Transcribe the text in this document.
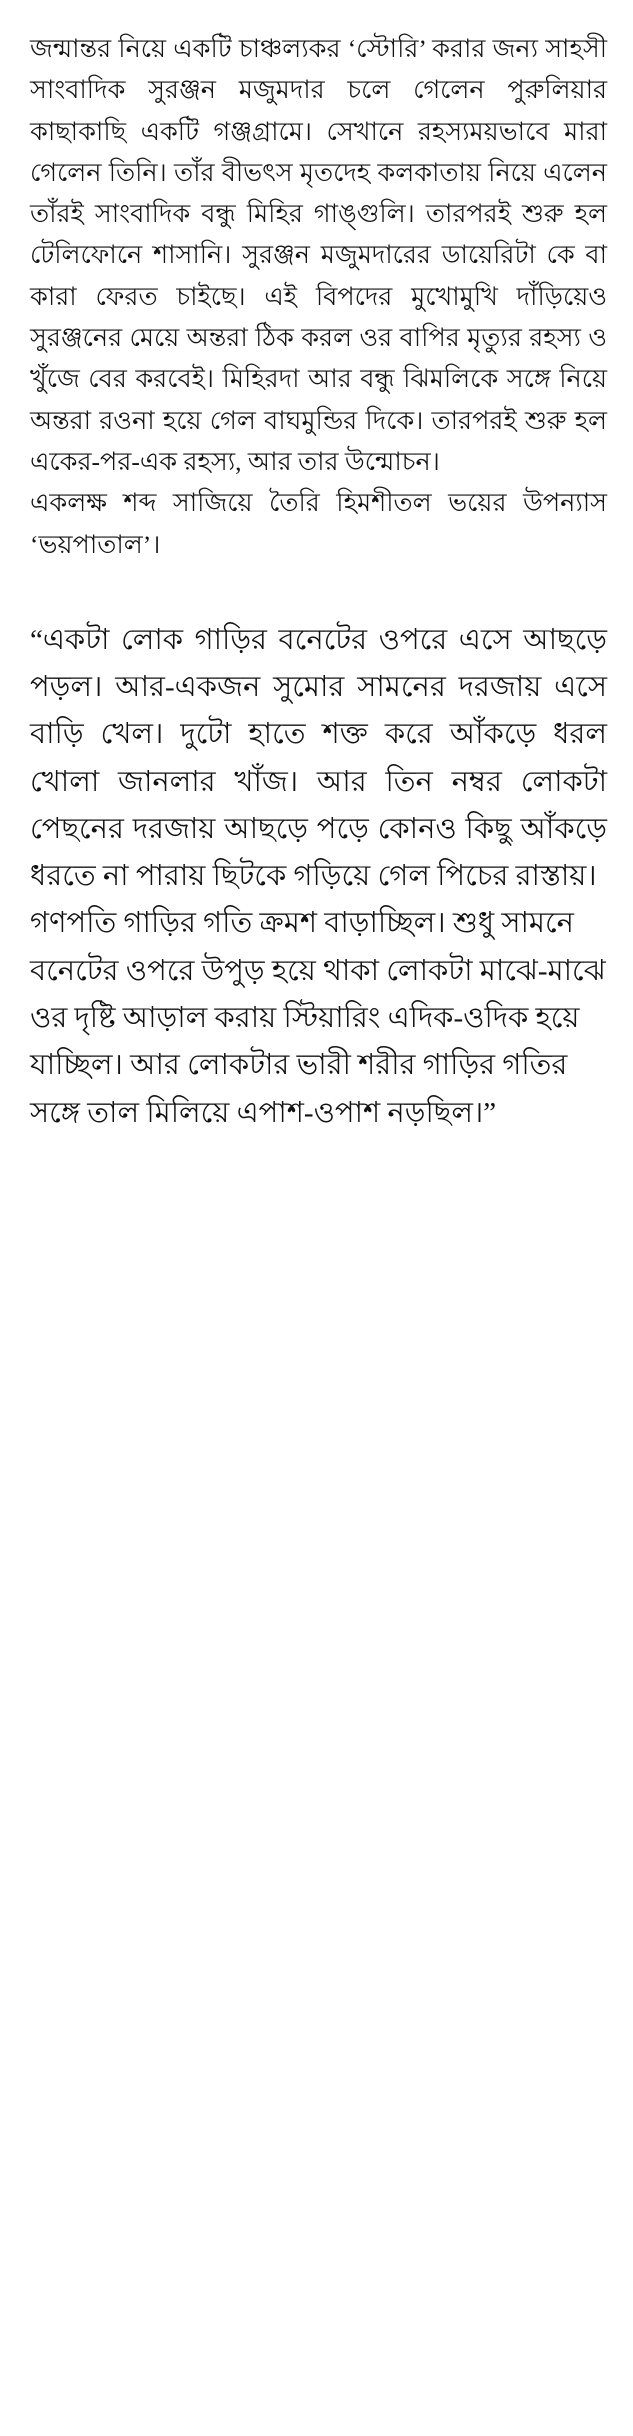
জন্মান্তর নিয়ে একটি চাঞ্চল্যকর ‘স্টোরি’ করার জন্য সাহসী সাংবাদিক সুরঞ্জন মজুমদার চলে গেলেন পুরুলিয়ার কাছাকাছি একটি গঞ্জগ্রামে। সেখানে রহস্যময়ভাবে মারা গেলেন তিনি। তাঁর বীভৎস মৃতদেহ কলকাতায় নিয়ে এলেন তাঁরই সাংবাদিক বন্ধু মিহির গাঙ্গুলি। তারপরই শুরু হল টেলিফোনে শাসানি। সুরঞ্জন মজুমদারের ডায়েরিটা কে বা কারা ফেরত চাইছে। এই বিপদের মুখোমুখি দাঁড়িয়েও সুরঞ্জনের মেয়ে অন্তরা ঠিক করল ওর বাপির মৃত্যুর রহস্য ও খুঁজে বের করবেই। মিহিরদা আর বন্ধু ঝিমলিকে সঙ্গে নিয়ে অন্তরা রওনা হয়ে গেল বাঘমুন্ডির দিকে। তারপরই শুরু হল একের-পর-এক রহস্য, আর তার উন্মোচন।

একলক্ষ শব্দ সাজিয়ে তৈরি হিমশীতল ভয়ের উপন্যাস ‘ভয়পাতাল’।

“একটা লোক গাড়ির বনেটের ওপরে এসে আছড়ে পড়ল। আর-একজন সুমোর সামনের দরজায় এসে বাড়ি খেল। দুটো হাতে শক্ত করে আঁকড়ে ধরল খোলা জানলার খাঁজ। আর তিন নম্বর লোকটা পেছনের দরজায় আছড়ে পড়ে কোনও কিছু আঁকড়ে ধরতে না পারায় ছিটকে গড়িয়ে গেল পিচের রাস্তায়।

গণপতি গাড়ির গতি ক্রমশ বাড়াচ্ছিল। শুধু সামনে বনেটের ওপরে উপুড় হয়ে থাকা লোকটা মাঝে-মাঝে ওর দৃষ্টি আড়াল করায় স্টিয়ারিং এদিক-ওদিক হয়ে যাচ্ছিল। আর লোকটার ভারী শরীর গাড়ির গতির সঙ্গে তাল মিলিয়ে এপাশ-ওপাশ নড়ছিল।”
